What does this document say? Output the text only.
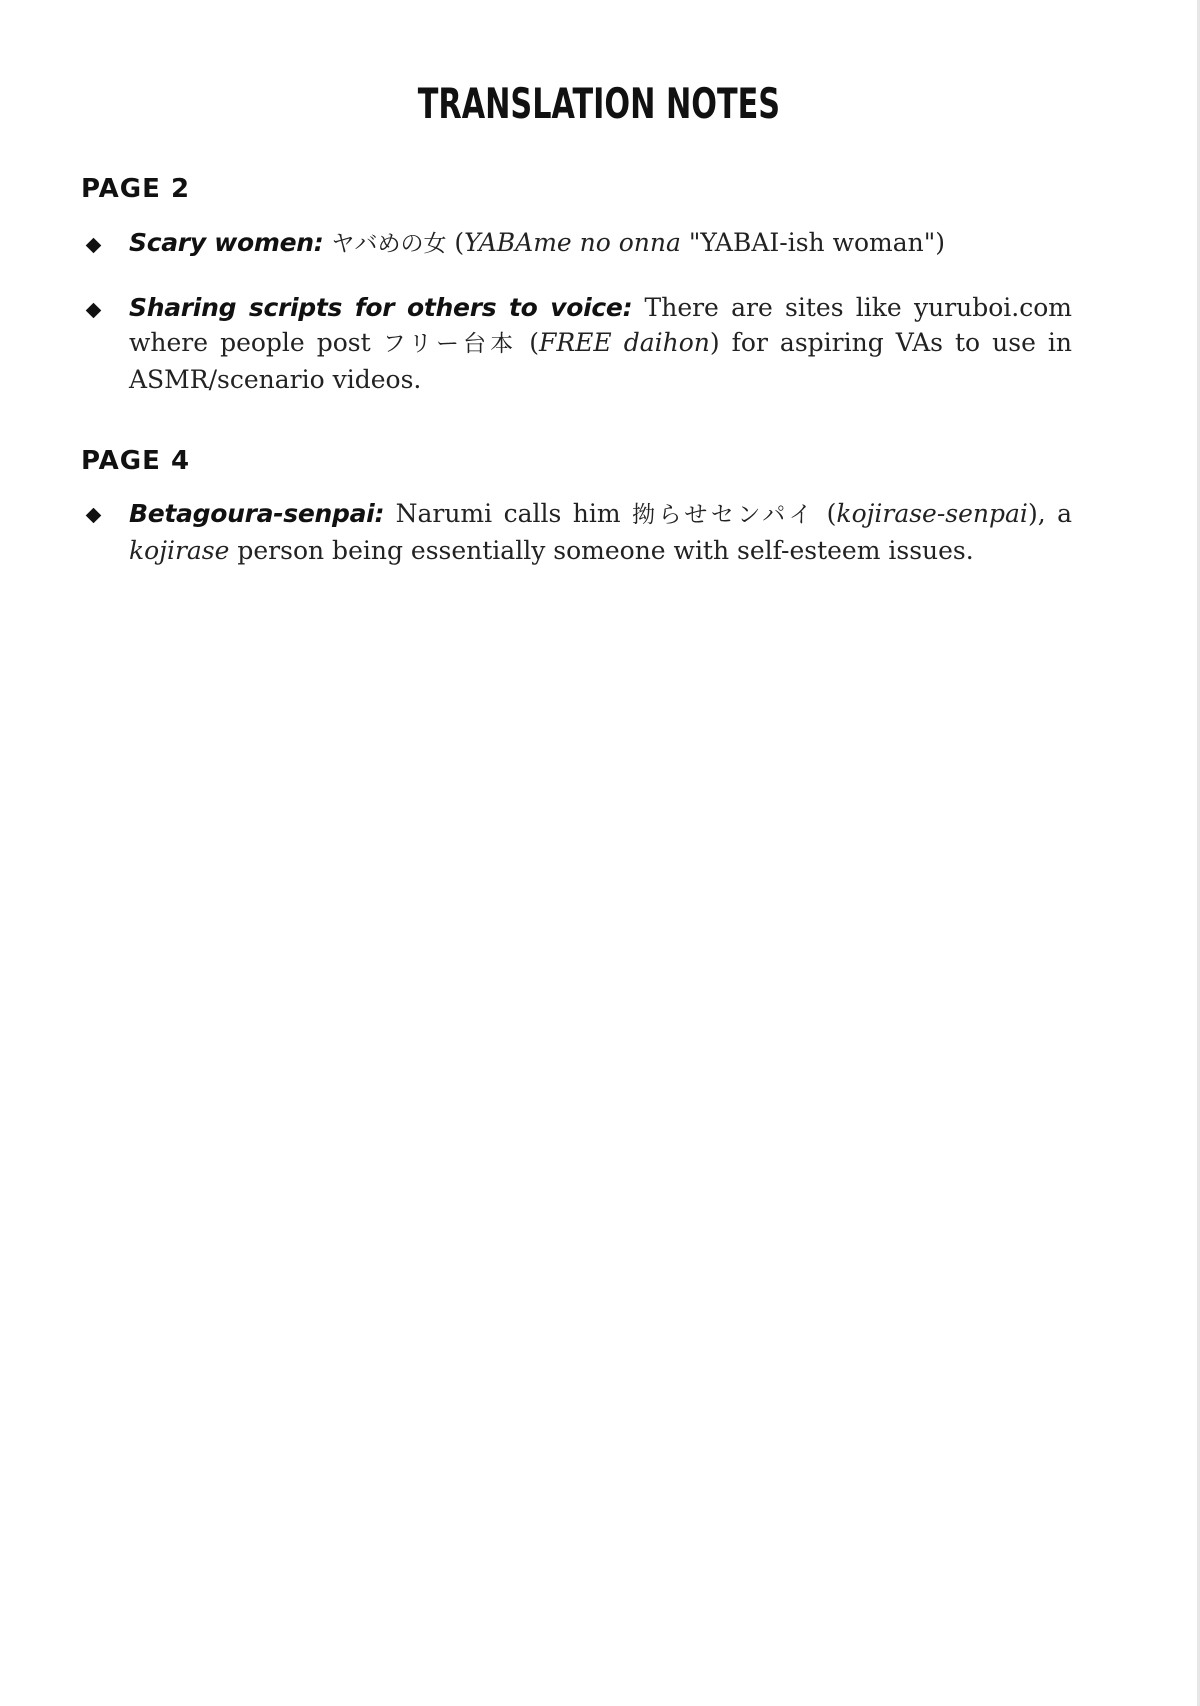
TRANSLATION NOTES
PAGE 2
Scary women: ヤバめの女 (YABAme no onna "YABAI-ish woman")
Sharing scripts for others to voice: There are sites like yuruboi.com where people post フリー台本 (FREE daihon) for aspiring VAs to use in ASMR/scenario videos.
PAGE 4
Betagoura-senpai: Narumi calls him 拗らせセンパイ (kojirase-senpai), a kojirase person being essentially someone with self-esteem issues.
